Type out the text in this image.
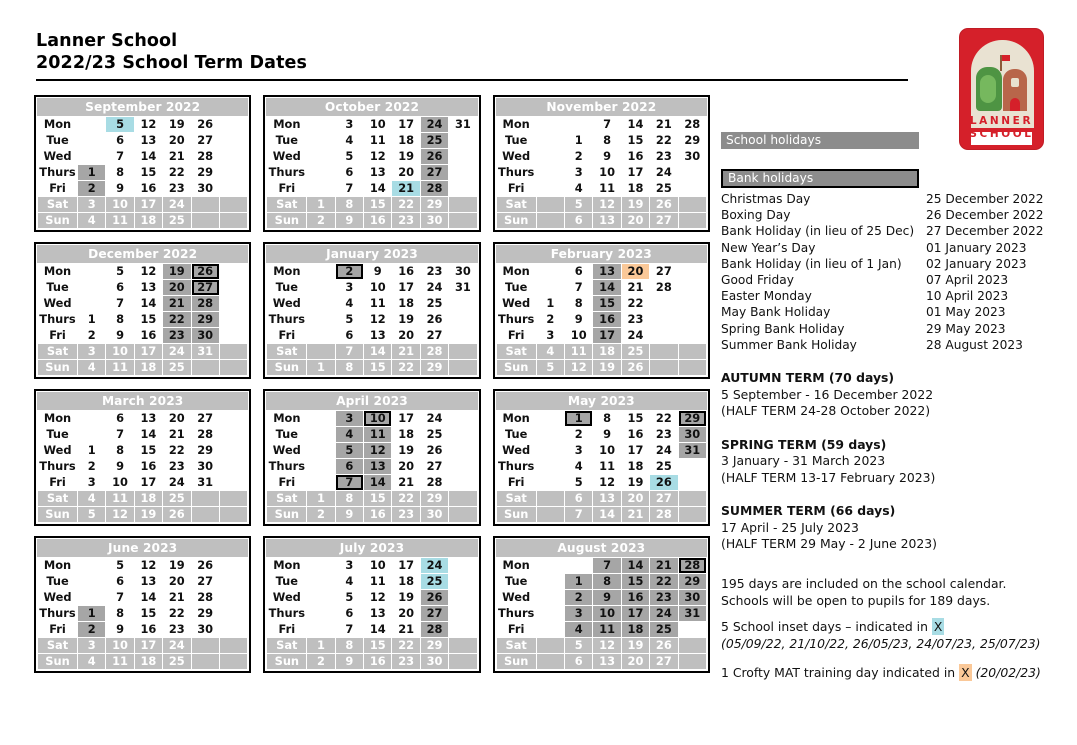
Lanner School
2022/23 School Term Dates
LANNER
SCHOOL
September 2022
Mon		5	12	19	26	
Tue		6	13	20	27	
Wed		7	14	21	28	
Thurs	1	8	15	22	29	
Fri	2	9	16	23	30	
Sat	3	10	17	24		
Sun	4	11	18	25		
October 2022
Mon		3	10	17	24	31
Tue		4	11	18	25	
Wed		5	12	19	26	
Thurs		6	13	20	27	
Fri		7	14	21	28	
Sat	1	8	15	22	29	
Sun	2	9	16	23	30	
November 2022
Mon			7	14	21	28
Tue		1	8	15	22	29
Wed		2	9	16	23	30
Thurs		3	10	17	24	
Fri		4	11	18	25	
Sat		5	12	19	26	
Sun		6	13	20	27	
December 2022
Mon		5	12	19	26	
Tue		6	13	20	27	
Wed		7	14	21	28	
Thurs	1	8	15	22	29	
Fri	2	9	16	23	30	
Sat	3	10	17	24	31	
Sun	4	11	18	25		
January 2023
Mon		2	9	16	23	30
Tue		3	10	17	24	31
Wed		4	11	18	25	
Thurs		5	12	19	26	
Fri		6	13	20	27	
Sat		7	14	21	28	
Sun	1	8	15	22	29	
February 2023
Mon		6	13	20	27	
Tue		7	14	21	28	
Wed	1	8	15	22		
Thurs	2	9	16	23		
Fri	3	10	17	24		
Sat	4	11	18	25		
Sun	5	12	19	26		
March 2023
Mon		6	13	20	27	
Tue		7	14	21	28	
Wed	1	8	15	22	29	
Thurs	2	9	16	23	30	
Fri	3	10	17	24	31	
Sat	4	11	18	25		
Sun	5	12	19	26		
April 2023
Mon		3	10	17	24	
Tue		4	11	18	25	
Wed		5	12	19	26	
Thurs		6	13	20	27	
Fri		7	14	21	28	
Sat	1	8	15	22	29	
Sun	2	9	16	23	30	
May 2023
Mon		1	8	15	22	29
Tue		2	9	16	23	30
Wed		3	10	17	24	31
Thurs		4	11	18	25	
Fri		5	12	19	26	
Sat		6	13	20	27	
Sun		7	14	21	28	
June 2023
Mon		5	12	19	26	
Tue		6	13	20	27	
Wed		7	14	21	28	
Thurs	1	8	15	22	29	
Fri	2	9	16	23	30	
Sat	3	10	17	24		
Sun	4	11	18	25		
July 2023
Mon		3	10	17	24	
Tue		4	11	18	25	
Wed		5	12	19	26	
Thurs		6	13	20	27	
Fri		7	14	21	28	
Sat	1	8	15	22	29	
Sun	2	9	16	23	30	
August 2023
Mon			7	14	21	28
Tue		1	8	15	22	29
Wed		2	9	16	23	30
Thurs		3	10	17	24	31
Fri		4	11	18	25	
Sat		5	12	19	26	
Sun		6	13	20	27	
School holidays
Bank holidays
Christmas Day	25 December 2022
Boxing Day	26 December 2022
Bank Holiday (in lieu of 25 Dec) 27 December 2022
New Year’s Day	01 January 2023
Bank Holiday (in lieu of 1 Jan)	02 January 2023
Good Friday	07 April 2023
Easter Monday	10 April 2023
May Bank Holiday	01 May 2023
Spring Bank Holiday	29 May 2023
Summer Bank Holiday	28 August 2023
AUTUMN TERM (70 days)
5 September - 16 December 2022
(HALF TERM 24-28 October 2022)
SPRING TERM (59 days)
3 January - 31 March 2023
(HALF TERM 13-17 February 2023)
SUMMER TERM (66 days)
17 April - 25 July 2023
(HALF TERM 29 May - 2 June 2023)
195 days are included on the school calendar.
Schools will be open to pupils for 189 days.
5 School inset days – indicated in X
(05/09/22, 21/10/22, 26/05/23, 24/07/23, 25/07/23)
1 Crofty MAT training day indicated in X (20/02/23)
